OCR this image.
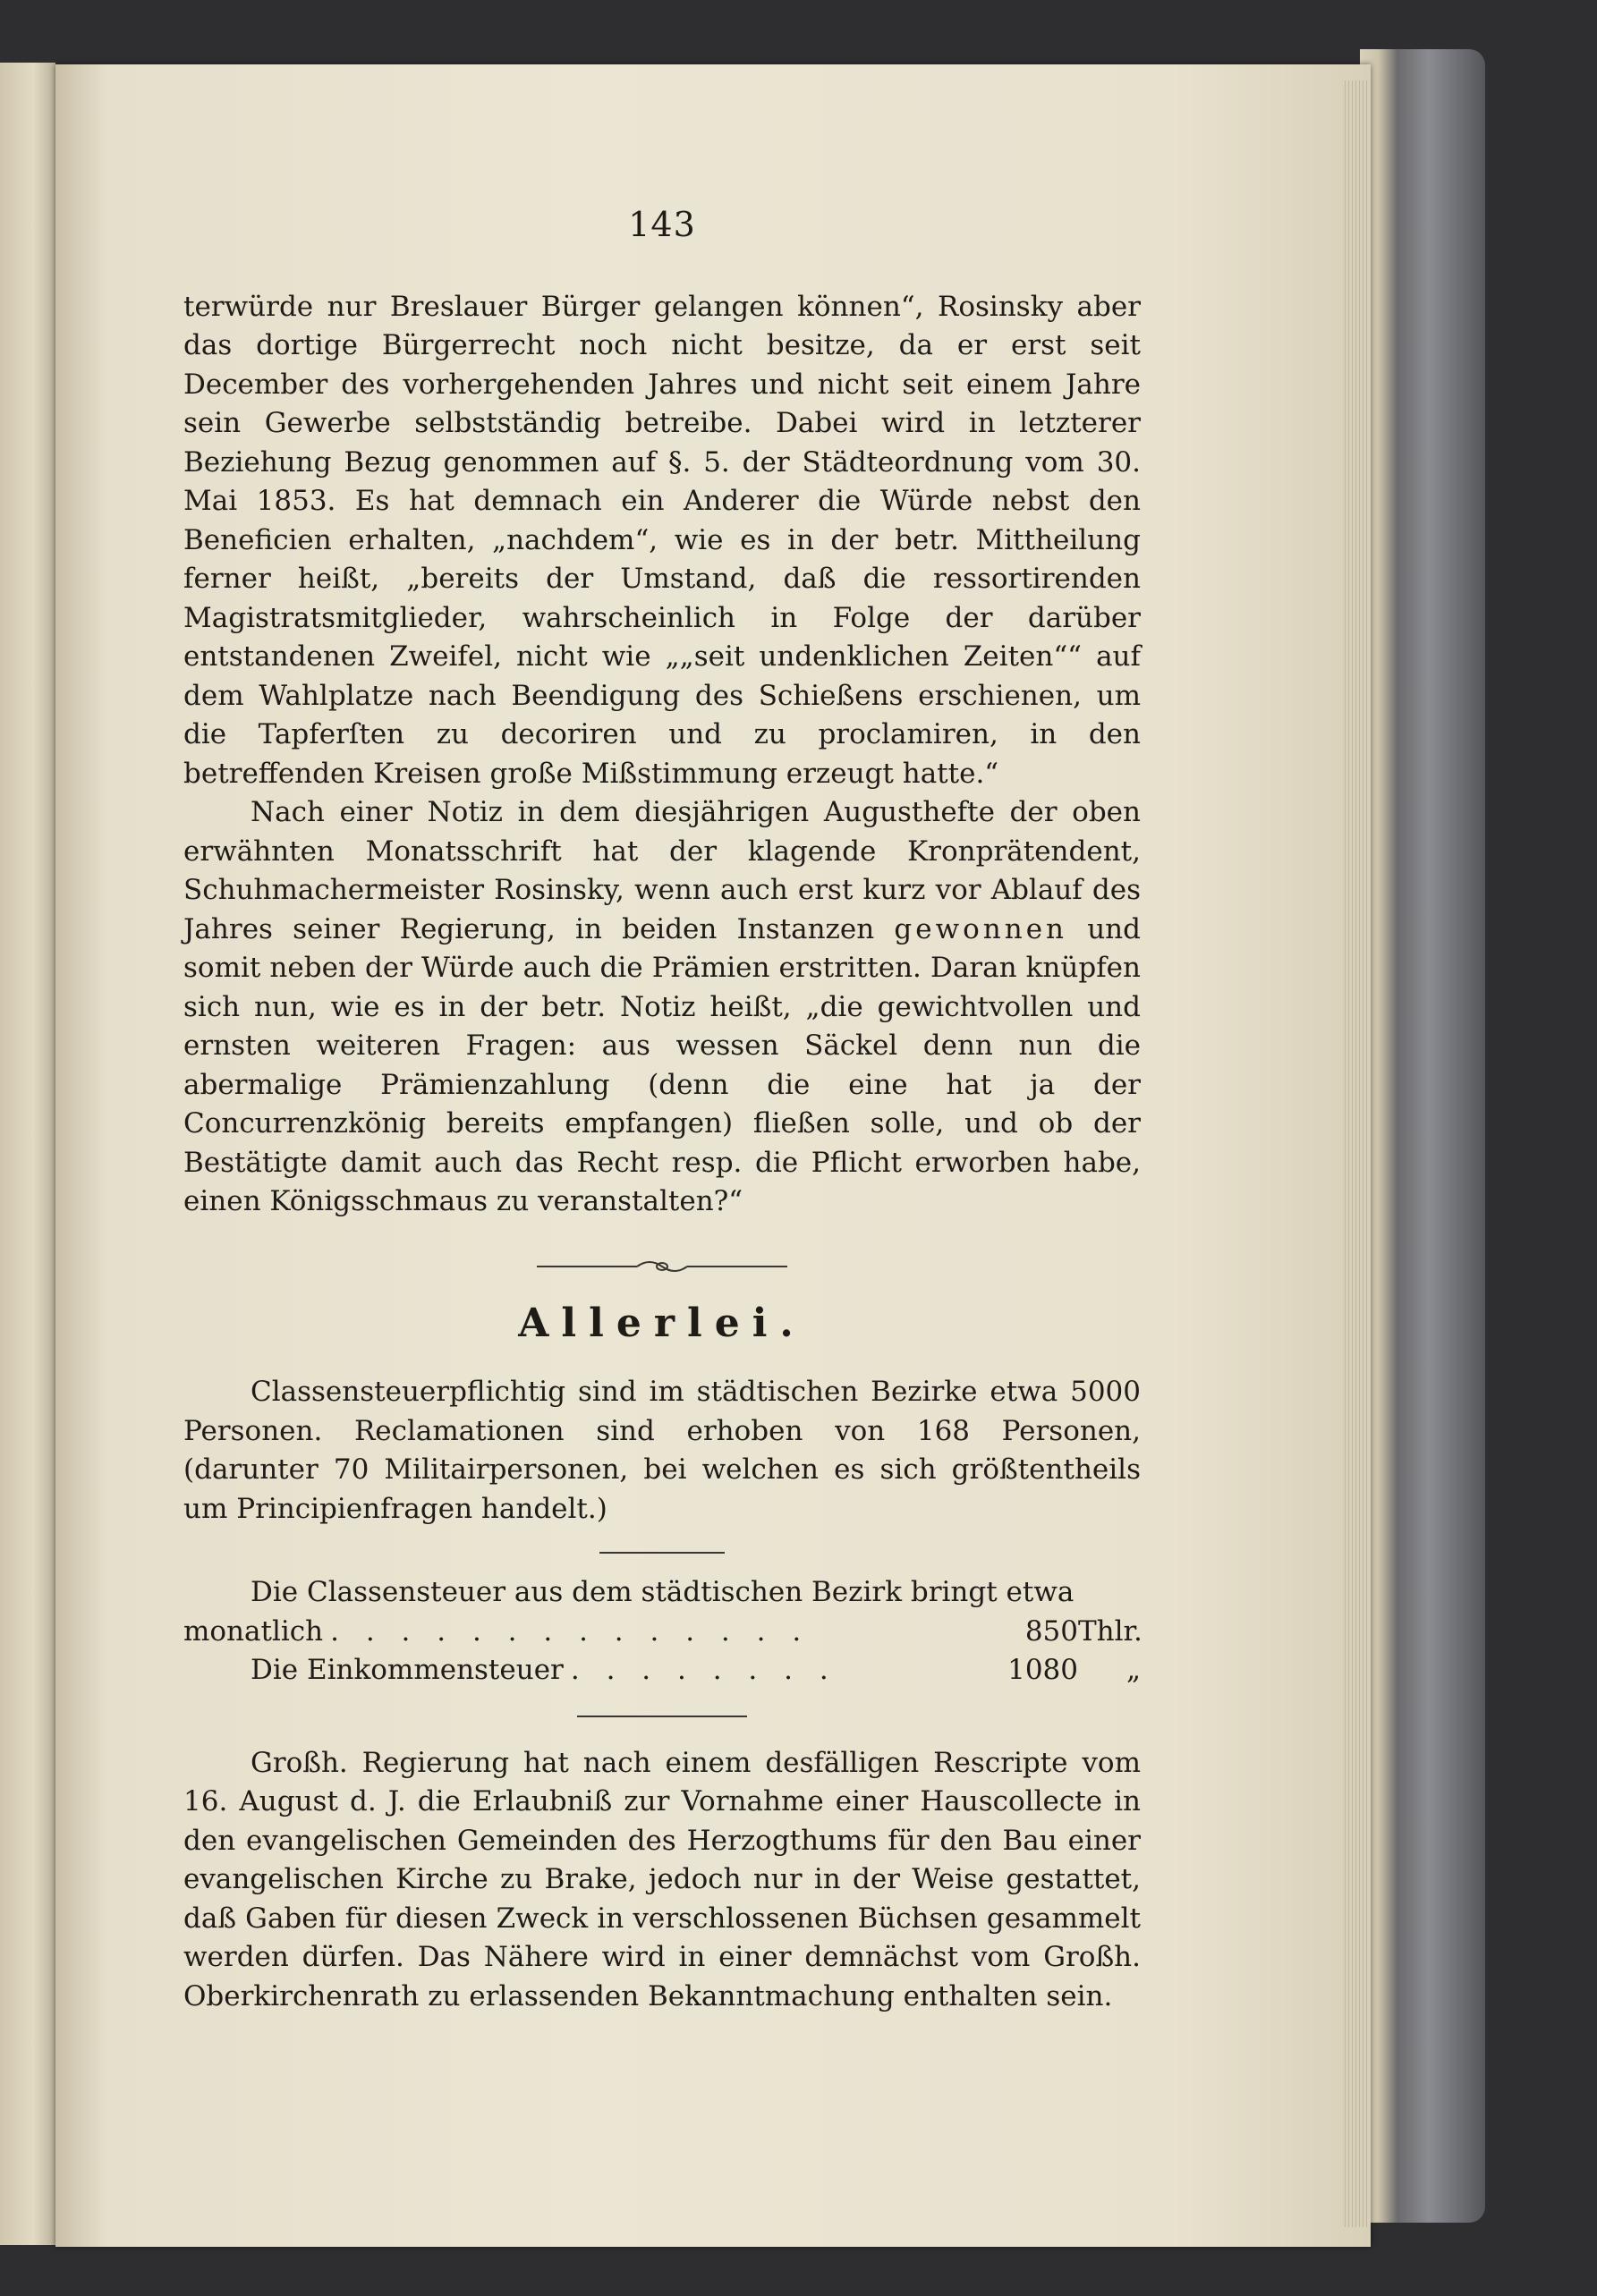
143

terwürde nur Breslauer Bürger gelangen können“, Rosinsky aber das dortige Bürgerrecht noch nicht besitze, da er erst seit December des vorhergehenden Jahres und nicht seit einem Jahre sein Gewerbe selbstständig betreibe. Dabei wird in letzterer Beziehung Bezug genommen auf §. 5. der Städteordnung vom 30. Mai 1853. Es hat demnach ein Anderer die Würde nebst den Beneficien erhalten, „nachdem“, wie es in der betr. Mittheilung ferner heißt, „bereits der Umstand, daß die ressortirenden Magistratsmitglieder, wahrscheinlich in Folge der darüber entstandenen Zweifel, nicht wie „„seit undenklichen Zeiten““ auf dem Wahlplatze nach Beendigung des Schießens erschienen, um die Tapferſten zu decoriren und zu proclamiren, in den betreffenden Kreisen große Mißstimmung erzeugt hatte.“

Nach einer Notiz in dem diesjährigen Augusthefte der oben erwähnten Monatsschrift hat der klagende Kronprätendent, Schuhmachermeister Rosinsky, wenn auch erst kurz vor Ablauf des Jahres seiner Regierung, in beiden Instanzen gewonnen und somit neben der Würde auch die Prämien erstritten. Daran knüpfen sich nun, wie es in der betr. Notiz heißt, „die gewichtvollen und ernsten weiteren Fragen: aus wessen Säckel denn nun die abermalige Prämienzahlung (denn die eine hat ja der Concurrenzkönig bereits empfangen) fließen solle, und ob der Bestätigte damit auch das Recht resp. die Pflicht erworben habe, einen Königsschmaus zu veranstalten?“

Allerlei.

Classensteuerpflichtig sind im städtischen Bezirke etwa 5000 Personen. Reclamationen sind erhoben von 168 Personen, (darunter 70 Militairpersonen, bei welchen es sich größtentheils um Principienfragen handelt.)

Die Classensteuer aus dem städtischen Bezirk bringt etwa

monatlich . . . . . . . . . . . . . .	850 Thlr.
Die Einkommensteuer . . . . . . . .	1080	„

Großh. Regierung hat nach einem desfälligen Rescripte vom 16. August d. J. die Erlaubniß zur Vornahme einer Hauscollecte in den evangelischen Gemeinden des Herzogthums für den Bau einer evangelischen Kirche zu Brake, jedoch nur in der Weise gestattet, daß Gaben für diesen Zweck in verschlossenen Büchsen gesammelt werden dürfen. Das Nähere wird in einer demnächst vom Großh. Oberkirchenrath zu erlassenden Bekanntmachung enthalten sein.
